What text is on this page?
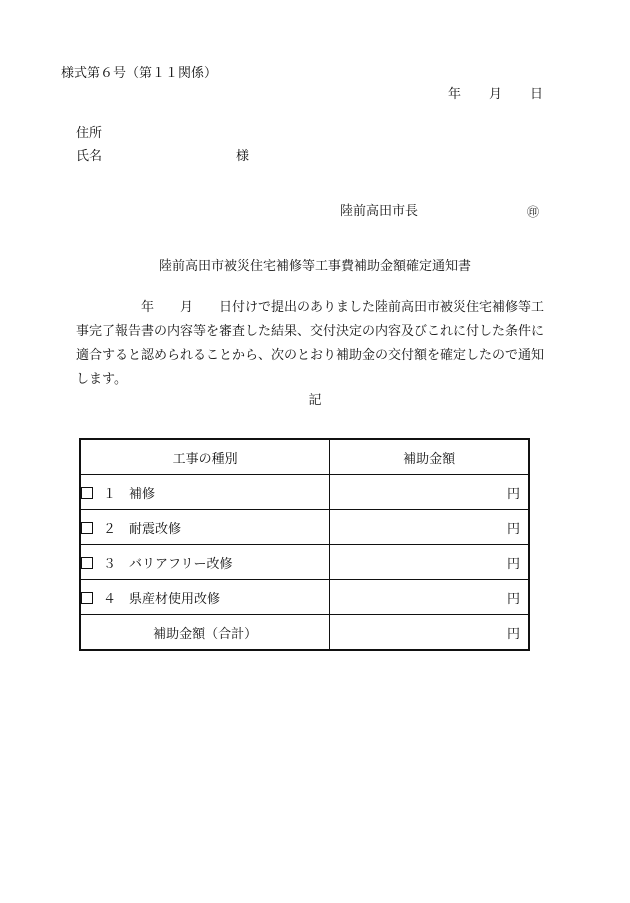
様式第６号（第１１関係）
年 月 日
住所
氏名	様
陸前高田市長	㊞
陸前高田市被災住宅補修等工事費補助金額確定通知書
　　　　　年　　月　　日付けで提出のありました陸前高田市被災住宅補修等工
事完了報告書の内容等を審査した結果、交付決定の内容及びこれに付した条件に
適合すると認められることから、次のとおり補助金の交付額を確定したので通知
します。
記
工事の種別	補助金額
１　 補修	円
２　 耐震改修	円
３　 バリアフリー改修	円
４　 県産材使用改修	円
補助金額（合計）	円
